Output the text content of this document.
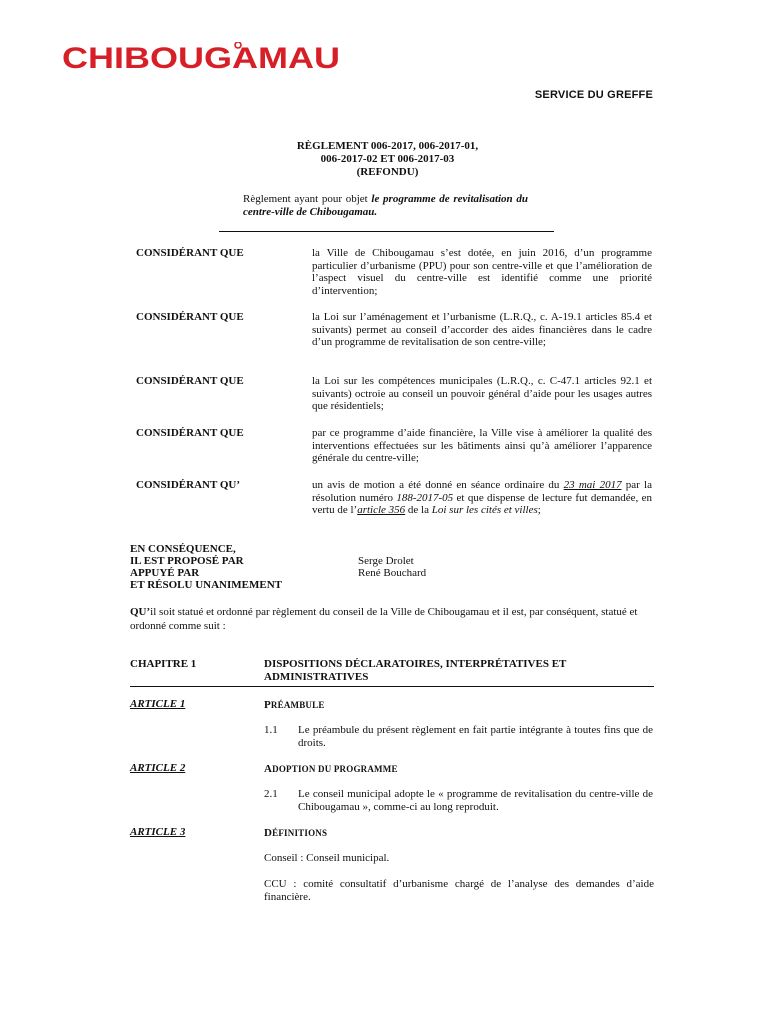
CHIBOUGAMAU
SERVICE DU GREFFE
RÈGLEMENT 006-2017, 006-2017-01,
006-2017-02 ET 006-2017-03
(REFONDU)
Règlement ayant pour objet le programme de revitalisation du centre-ville de Chibougamau.
CONSIDÉRANT QUE	la Ville de Chibougamau s’est dotée, en juin 2016, d’un programme particulier d’urbanisme (PPU) pour son centre-ville et que l’amélioration de l’aspect visuel du centre-ville est identifié comme une priorité d’intervention;
CONSIDÉRANT QUE	la Loi sur l’aménagement et l’urbanisme (L.R.Q., c. A-19.1 articles 85.4 et suivants) permet au conseil d’accorder des aides financières dans le cadre d’un programme de revitalisation de son centre-ville;
CONSIDÉRANT QUE	la Loi sur les compétences municipales (L.R.Q., c. C-47.1 articles 92.1 et suivants) octroie au conseil un pouvoir général d’aide pour les usages autres que résidentiels;
CONSIDÉRANT QUE	par ce programme d’aide financière, la Ville vise à améliorer la qualité des interventions effectuées sur les bâtiments ainsi qu’à améliorer l’apparence générale du centre-ville;
CONSIDÉRANT QU’	un avis de motion a été donné en séance ordinaire du 23 mai 2017 par la résolution numéro 188-2017-05 et que dispense de lecture fut demandée, en vertu de l’article 356 de la Loi sur les cités et villes;
EN CONSÉQUENCE,
IL EST PROPOSÉ PAR
APPUYÉ PAR
ET RÉSOLU UNANIMEMENT
Serge Drolet
René Bouchard
QU’il soit statué et ordonné par règlement du conseil de la Ville de Chibougamau et il est, par conséquent, statué et ordonné comme suit :
CHAPITRE 1	DISPOSITIONS DÉCLARATOIRES, INTERPRÉTATIVES ET ADMINISTRATIVES
ARTICLE 1	PRÉAMBULE
1.1 Le préambule du présent règlement en fait partie intégrante à toutes fins que de droits.
ARTICLE 2	ADOPTION DU PROGRAMME
2.1 Le conseil municipal adopte le « programme de revitalisation du centre-ville de Chibougamau », comme-ci au long reproduit.
ARTICLE 3	DÉFINITIONS
Conseil : Conseil municipal.
CCU : comité consultatif d’urbanisme chargé de l’analyse des demandes d’aide financière.
